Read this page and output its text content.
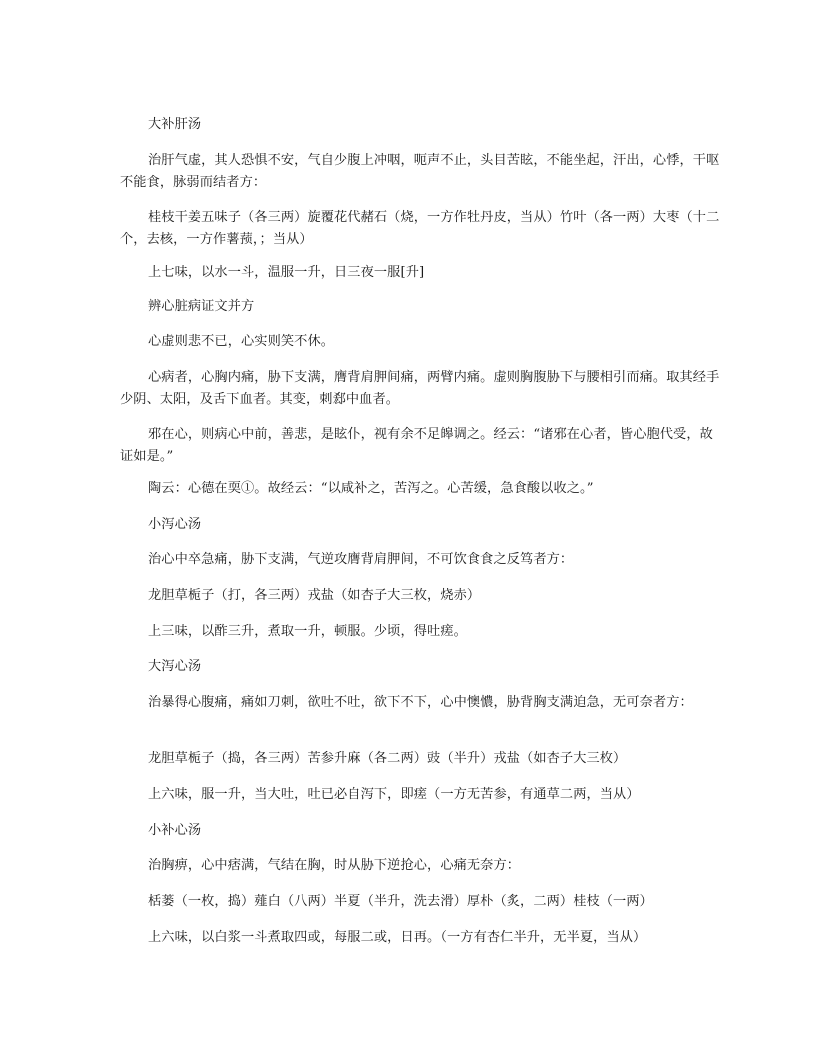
大补肝汤

治肝气虚，其人恐惧不安，气自少腹上冲咽，呃声不止，头目苦眩，不能坐起，汗出，心悸，干呕不能食，脉弱而结者方：

桂枝干姜五味子（各三两）旋覆花代赭石（烧，一方作牡丹皮，当从）竹叶（各一两）大枣（十二个，去核，一方作薯蓣，；当从）

上七味，以水一斗，温服一升，日三夜一服[升]

辨心脏病证文并方

心虚则悲不已，心实则笑不休。

心病者，心胸内痛，胁下支满，膺背肩胛间痛，两臂内痛。虚则胸腹胁下与腰相引而痛。取其经手少阴、太阳，及舌下血者。其变，刺郄中血者。

邪在心，则病心中前，善悲，是眩仆，视有余不足皞调之。经云：“诸邪在心者，皆心胞代受，故证如是。”

陶云：心德在耎①。故经云：“以咸补之，苦泻之。心苦缓，急食酸以收之。”

小泻心汤

治心中卒急痛，胁下支满，气逆攻膺背肩胛间，不可饮食食之反笃者方：

龙胆草栀子（打，各三两）戎盐（如杏子大三枚，烧赤）

上三味，以酢三升，煮取一升，顿服。少顷，得吐瘥。

大泻心汤

治暴得心腹痛，痛如刀刺，欲吐不吐，欲下不下，心中懊憹，胁背胸支满迫急，无可奈者方：

龙胆草栀子（捣，各三两）苦参升麻（各二两）豉（半升）戎盐（如杏子大三枚）

上六味，服一升，当大吐，吐已必自泻下，即瘥（一方无苦参，有通草二两，当从）

小补心汤

治胸痹，心中痞满，气结在胸，时从胁下逆抢心，心痛无奈方：

栝蒌（一枚，捣）薤白（八两）半夏（半升，洗去滑）厚朴（炙，二两）桂枝（一两）

上六味，以白浆一斗煮取四或，每服二或，日再。（一方有杏仁半升，无半夏，当从）
